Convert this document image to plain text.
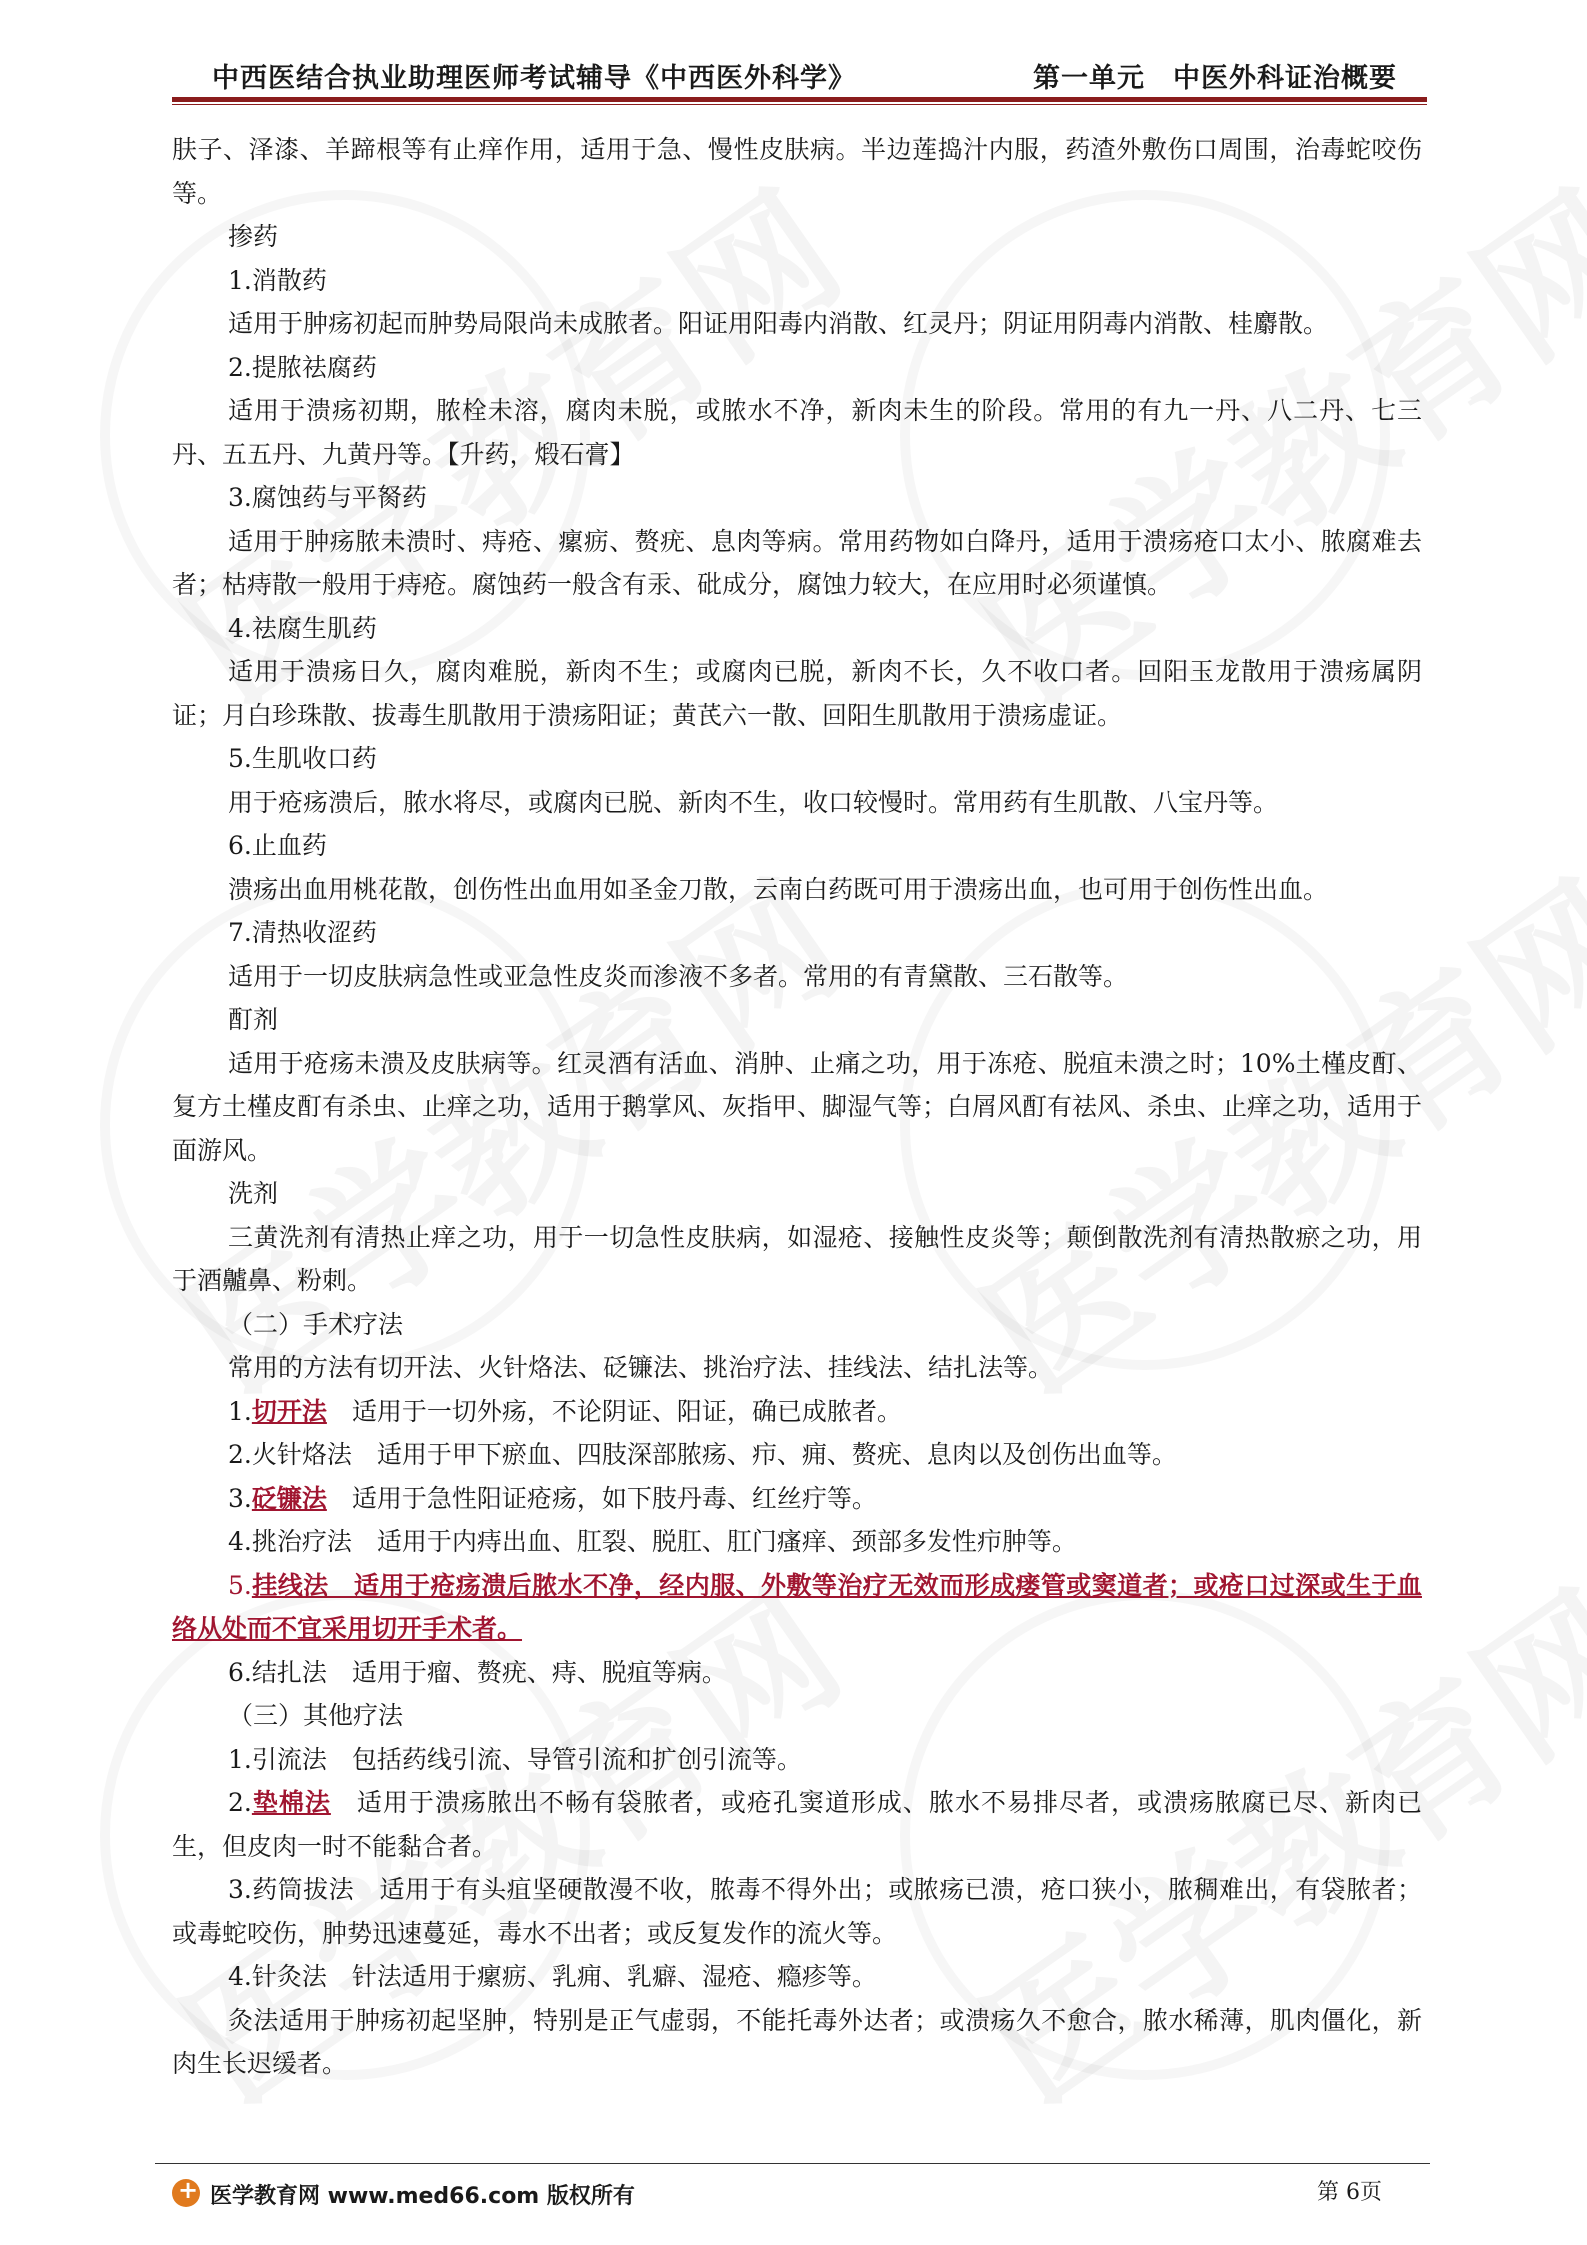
中西医结合执业助理医师考试辅导《中西医外科学》	第一单元　中医外科证治概要

肤子、泽漆、羊蹄根等有止痒作用，适用于急、慢性皮肤病。半边莲捣汁内服，药渣外敷伤口周围，治毒蛇咬伤等。

掺药

1.消散药

适用于肿疡初起而肿势局限尚未成脓者。阳证用阳毒内消散、红灵丹；阴证用阴毒内消散、桂麝散。

2.提脓祛腐药

适用于溃疡初期，脓栓未溶，腐肉未脱，或脓水不净，新肉未生的阶段。常用的有九一丹、八二丹、七三丹、五五丹、九黄丹等。【升药，煅石膏】

3.腐蚀药与平胬药

适用于肿疡脓未溃时、痔疮、瘰疬、赘疣、息肉等病。常用药物如白降丹，适用于溃疡疮口太小、脓腐难去者；枯痔散一般用于痔疮。腐蚀药一般含有汞、砒成分，腐蚀力较大，在应用时必须谨慎。

4.祛腐生肌药

适用于溃疡日久，腐肉难脱，新肉不生；或腐肉已脱，新肉不长，久不收口者。回阳玉龙散用于溃疡属阴证；月白珍珠散、拔毒生肌散用于溃疡阳证；黄芪六一散、回阳生肌散用于溃疡虚证。

5.生肌收口药

用于疮疡溃后，脓水将尽，或腐肉已脱、新肉不生，收口较慢时。常用药有生肌散、八宝丹等。

6.止血药

溃疡出血用桃花散，创伤性出血用如圣金刀散，云南白药既可用于溃疡出血，也可用于创伤性出血。

7.清热收涩药

适用于一切皮肤病急性或亚急性皮炎而渗液不多者。常用的有青黛散、三石散等。

酊剂

适用于疮疡未溃及皮肤病等。红灵酒有活血、消肿、止痛之功，用于冻疮、脱疽未溃之时；10%土槿皮酊、复方土槿皮酊有杀虫、止痒之功，适用于鹅掌风、灰指甲、脚湿气等；白屑风酊有祛风、杀虫、止痒之功，适用于面游风。

洗剂

三黄洗剂有清热止痒之功，用于一切急性皮肤病，如湿疮、接触性皮炎等；颠倒散洗剂有清热散瘀之功，用于酒齇鼻、粉刺。

（二）手术疗法

常用的方法有切开法、火针烙法、砭镰法、挑治疗法、挂线法、结扎法等。

1.切开法　适用于一切外疡，不论阴证、阳证，确已成脓者。

2.火针烙法　适用于甲下瘀血、四肢深部脓疡、疖、痈、赘疣、息肉以及创伤出血等。

3.砭镰法　适用于急性阳证疮疡，如下肢丹毒、红丝疔等。

4.挑治疗法　适用于内痔出血、肛裂、脱肛、肛门瘙痒、颈部多发性疖肿等。

5.挂线法　适用于疮疡溃后脓水不净，经内服、外敷等治疗无效而形成瘘管或窦道者；或疮口过深或生于血络从处而不宜采用切开手术者。

6.结扎法　适用于瘤、赘疣、痔、脱疽等病。

（三）其他疗法

1.引流法　包括药线引流、导管引流和扩创引流等。

2.垫棉法　适用于溃疡脓出不畅有袋脓者，或疮孔窦道形成、脓水不易排尽者，或溃疡脓腐已尽、新肉已生，但皮肉一时不能黏合者。

3.药筒拔法　适用于有头疽坚硬散漫不收，脓毒不得外出；或脓疡已溃，疮口狭小，脓稠难出，有袋脓者；或毒蛇咬伤，肿势迅速蔓延，毒水不出者；或反复发作的流火等。

4.针灸法　针法适用于瘰疬、乳痈、乳癖、湿疮、瘾疹等。

灸法适用于肿疡初起坚肿，特别是正气虚弱，不能托毒外达者；或溃疡久不愈合，脓水稀薄，肌肉僵化，新肉生长迟缓者。

+
医学教育网 www.med66.com 版权所有	第 6页
